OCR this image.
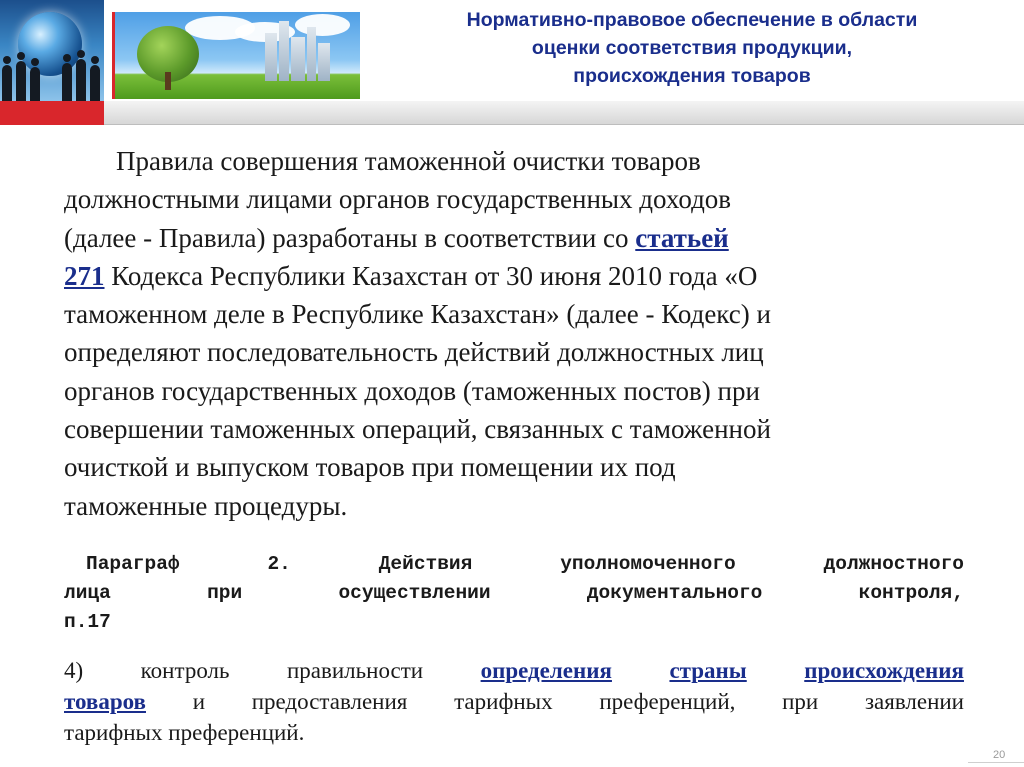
Нормативно-правовое обеспечение в области
оценки соответствия продукции,
происхождения товаров
Правила совершения таможенной очистки товаров
должностными лицами органов государственных доходов
(далее - Правила) разработаны в соответствии со статьей
271 Кодекса Республики Казахстан от 30 июня 2010 года «О
таможенном деле в Республике Казахстан» (далее - Кодекс) и
определяют последовательность действий должностных лиц
органов государственных доходов (таможенных постов) при
совершении таможенных операций, связанных с таможенной
очисткой и выпуском товаров при помещении их под
таможенные процедуры.
Параграф	2.	Действия	уполномоченного	должностного
лица	при	осуществлении	документального	контроля,
п.17
4)	контроль	правильности	определения	страны	происхождения
товаров и предоставления тарифных преференций, при заявлении
тарифных преференций.
20
